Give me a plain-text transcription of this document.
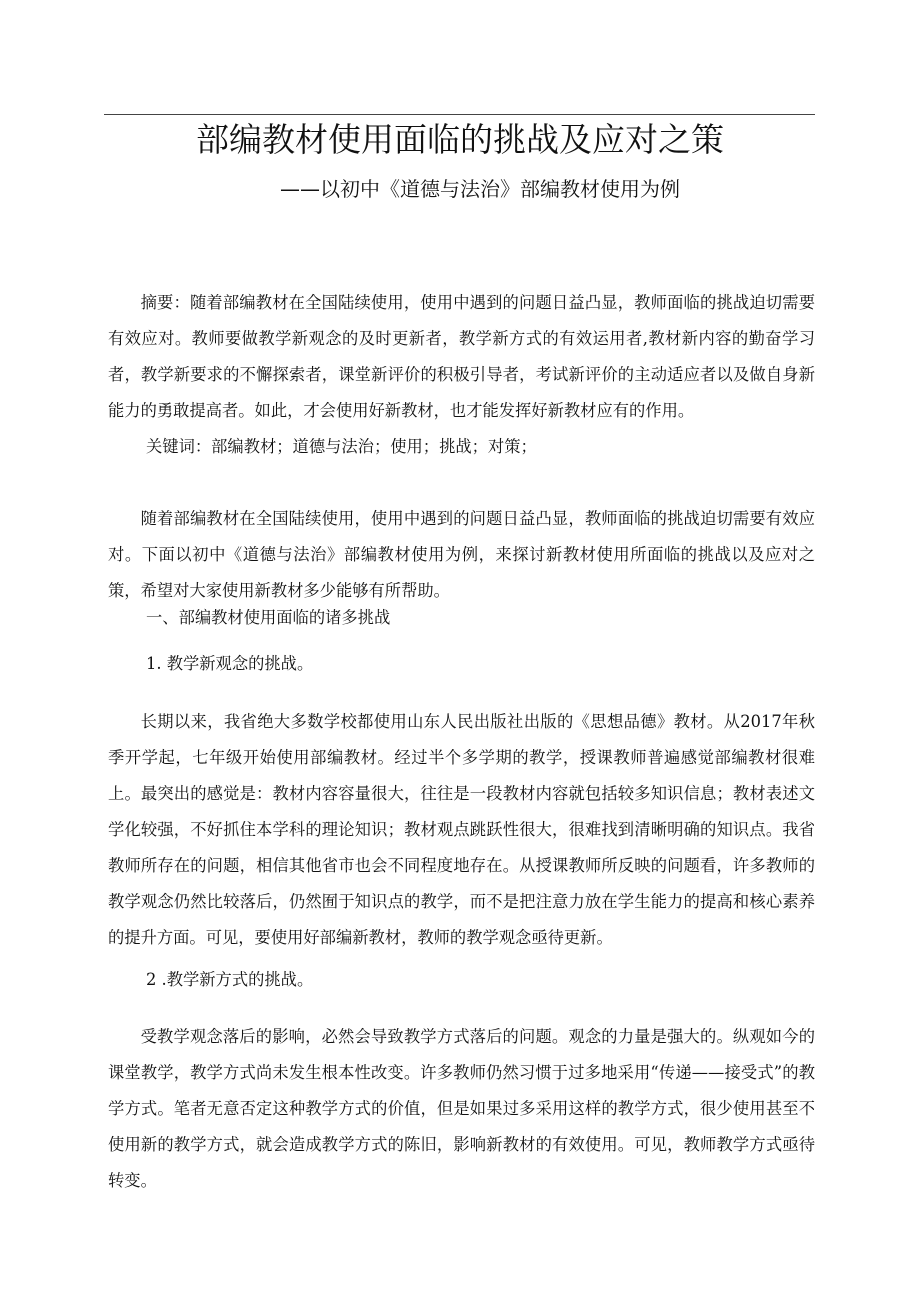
部编教材使用面临的挑战及应对之策
——以初中《道德与法治》部编教材使用为例

摘要：随着部编教材在全国陆续使用，使用中遇到的问题日益凸显，教师面临的挑战迫切需要有效应对。教师要做教学新观念的及时更新者，教学新方式的有效运用者,教材新内容的勤奋学习者，教学新要求的不懈探索者，课堂新评价的积极引导者，考试新评价的主动适应者以及做自身新能力的勇敢提高者。如此，才会使用好新教材，也才能发挥好新教材应有的作用。

关键词：部编教材；道德与法治；使用；挑战；对策；

随着部编教材在全国陆续使用，使用中遇到的问题日益凸显，教师面临的挑战迫切需要有效应对。下面以初中《道德与法治》部编教材使用为例，来探讨新教材使用所面临的挑战以及应对之策，希望对大家使用新教材多少能够有所帮助。

一、部编教材使用面临的诸多挑战

1. 教学新观念的挑战。

长期以来，我省绝大多数学校都使用山东人民出版社出版的《思想品德》教材。从2017年秋季开学起，七年级开始使用部编教材。经过半个多学期的教学，授课教师普遍感觉部编教材很难上。最突出的感觉是：教材内容容量很大，往往是一段教材内容就包括较多知识信息；教材表述文学化较强，不好抓住本学科的理论知识；教材观点跳跃性很大，很难找到清晰明确的知识点。我省教师所存在的问题，相信其他省市也会不同程度地存在。从授课教师所反映的问题看，许多教师的教学观念仍然比较落后，仍然囿于知识点的教学，而不是把注意力放在学生能力的提高和核心素养的提升方面。可见，要使用好部编新教材，教师的教学观念亟待更新。

2 .教学新方式的挑战。

受教学观念落后的影响，必然会导致教学方式落后的问题。观念的力量是强大的。纵观如今的课堂教学，教学方式尚未发生根本性改变。许多教师仍然习惯于过多地采用“传递——接受式”的教学方式。笔者无意否定这种教学方式的价值，但是如果过多采用这样的教学方式，很少使用甚至不使用新的教学方式，就会造成教学方式的陈旧，影响新教材的有效使用。可见，教师教学方式亟待转变。
